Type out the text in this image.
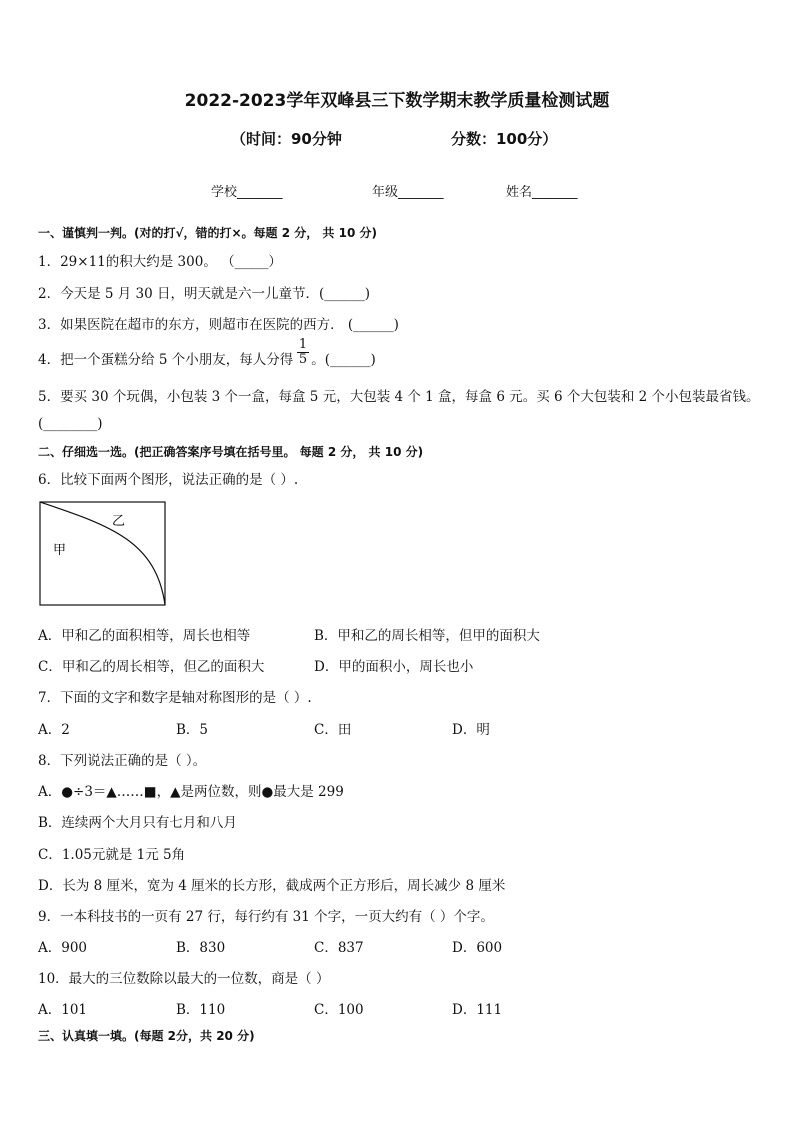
2022-2023学年双峰县三下数学期末教学质量检测试题
（时间：90分钟	分数：100分）
学校_______	年级_______	姓名_______
一、谨慎判一判。(对的打√，错的打×。每题 2 分， 共 10 分)
1．29×11的积大约是 300。 （_____）
2．今天是 5 月 30 日，明天就是六一儿童节．(______)
3．如果医院在超市的东方，则超市在医院的西方． (______)
4．把一个蛋糕分给 5 个小朋友，每人分得 。(______)
$\frac{1}{5}$
5．要买 30 个玩偶，小包装 3 个一盒，每盒 5 元，大包装 4 个 1 盒，每盒 6 元。买 6 个大包装和 2 个小包装最省钱。
(________)
二、仔细选一选。(把正确答案序号填在括号里。 每题 2 分， 共 10 分)
6．比较下面两个图形，说法正确的是（ ）.
乙
甲
A．甲和乙的面积相等，周长也相等	B．甲和乙的周长相等，但甲的面积大
C．甲和乙的周长相等，但乙的面积大	D．甲的面积小，周长也小
7．下面的文字和数字是轴对称图形的是（ ）.
A．2	B．5	C．田	D．明
8．下列说法正确的是（ ）。
A．●÷3＝▲……■，▲是两位数，则●最大是 299
B．连续两个大月只有七月和八月
C．1.05元就是 1元 5角
D．长为 8 厘米，宽为 4 厘米的长方形，截成两个正方形后，周长减少 8 厘米
9．一本科技书的一页有 27 行，每行约有 31 个字，一页大约有（ ）个字。
A．900	B．830	C．837	D．600
10．最大的三位数除以最大的一位数，商是（ ）
A．101	B．110	C．100	D．111
三、认真填一填。(每题 2分，共 20 分)
